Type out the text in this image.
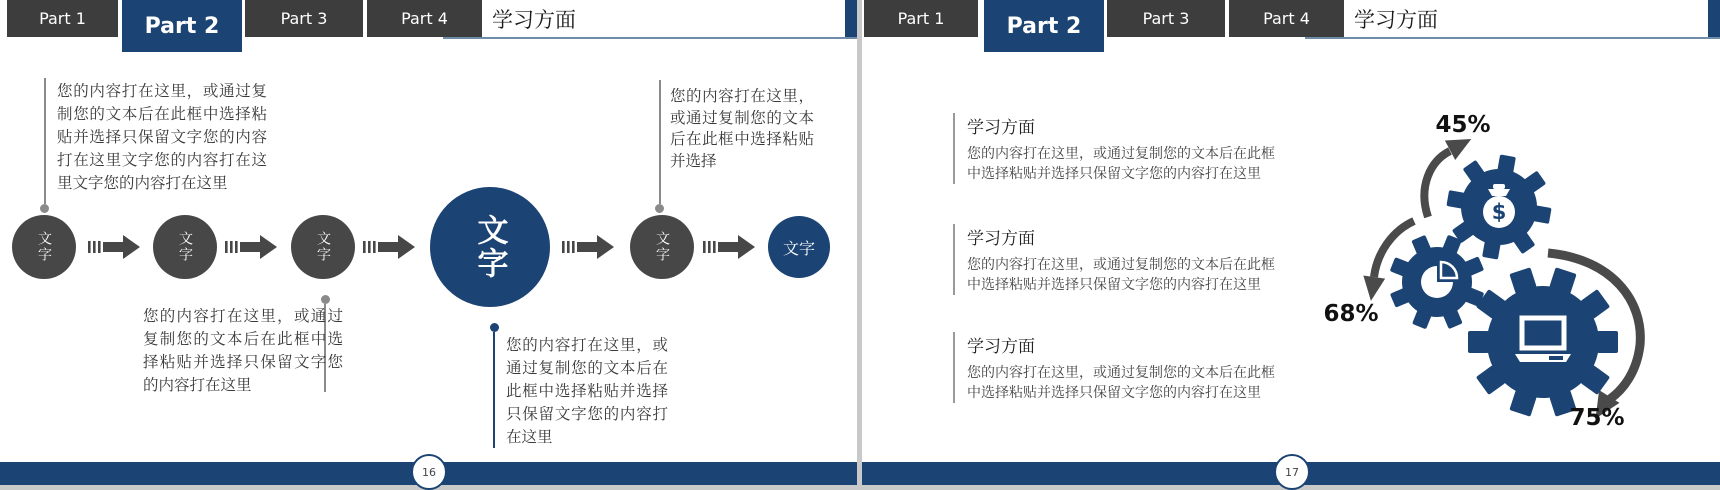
Part 1	Part 2	Part 3	Part 4	学习方面
您的内容打在这里，或通过复制您的文本后在此框中选择粘贴并选择只保留文字您的内容打在这里文字您的内容打在这里文字您的内容打在这里
您的内容打在这里，或通过复制您的文本后在此框中选择粘贴并选择
您的内容打在这里，或通过复制您的文本后在此框中选择粘贴并选择只保留文字您的内容打在这里
您的内容打在这里，或通过复制您的文本后在此框中选择粘贴并选择只保留文字您的内容打在这里
文字	文字	文字	文字	文字	文字
16
Part 1	Part 2	Part 3	Part 4	学习方面
学习方面
您的内容打在这里，或通过复制您的文本后在此框中选择粘贴并选择只保留文字您的内容打在这里
学习方面
您的内容打在这里，或通过复制您的文本后在此框中选择粘贴并选择只保留文字您的内容打在这里
学习方面
您的内容打在这里，或通过复制您的文本后在此框中选择粘贴并选择只保留文字您的内容打在这里
$
45%
68%
75%
17
